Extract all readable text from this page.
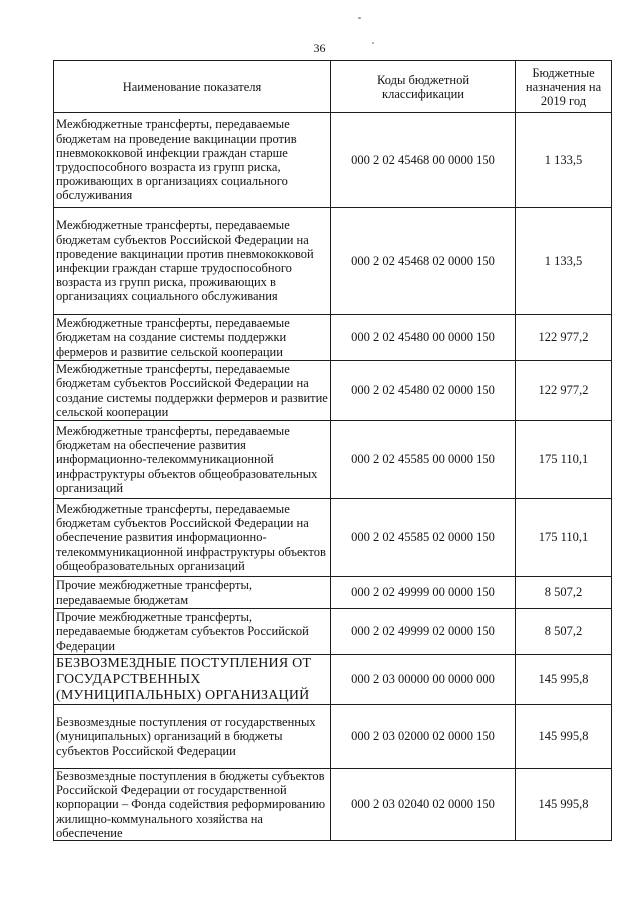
36
Наименование показателя	Коды бюджетной классификации	Бюджетные назначения на 2019 год
Межбюджетные трансферты, передаваемые бюджетам на проведение вакцинации против пневмококковой инфекции граждан старше трудоспособного возраста из групп риска, проживающих в организациях социального обслуживания	000 2 02 45468 00 0000 150	1 133,5
Межбюджетные трансферты, передаваемые бюджетам субъектов Российской Федерации на проведение вакцинации против пневмококковой инфекции граждан старше трудоспособного возраста из групп риска, проживающих в организациях социального обслуживания	000 2 02 45468 02 0000 150	1 133,5
Межбюджетные трансферты, передаваемые бюджетам на создание системы поддержки фермеров и развитие сельской кооперации	000 2 02 45480 00 0000 150	122 977,2
Межбюджетные трансферты, передаваемые бюджетам субъектов Российской Федерации на создание системы поддержки фермеров и развитие сельской кооперации	000 2 02 45480 02 0000 150	122 977,2
Межбюджетные трансферты, передаваемые бюджетам на обеспечение развития информационно-телекоммуникационной инфраструктуры объектов общеобразовательных организаций	000 2 02 45585 00 0000 150	175 110,1
Межбюджетные трансферты, передаваемые бюджетам субъектов Российской Федерации на обеспечение развития информационно-телекоммуникационной инфраструктуры объектов общеобразовательных организаций	000 2 02 45585 02 0000 150	175 110,1
Прочие межбюджетные трансферты, передаваемые бюджетам	000 2 02 49999 00 0000 150	8 507,2
Прочие межбюджетные трансферты, передаваемые бюджетам субъектов Российской Федерации	000 2 02 49999 02 0000 150	8 507,2
БЕЗВОЗМЕЗДНЫЕ ПОСТУПЛЕНИЯ ОТ ГОСУДАРСТВЕННЫХ (МУНИЦИПАЛЬНЫХ) ОРГАНИЗАЦИЙ	000 2 03 00000 00 0000 000	145 995,8
Безвозмездные поступления от государственных (муниципальных) организаций в бюджеты субъектов Российской Федерации	000 2 03 02000 02 0000 150	145 995,8
Безвозмездные поступления в бюджеты субъектов Российской Федерации от государственной корпорации – Фонда содействия реформированию жилищно-коммунального хозяйства на обеспечение	000 2 03 02040 02 0000 150	145 995,8
